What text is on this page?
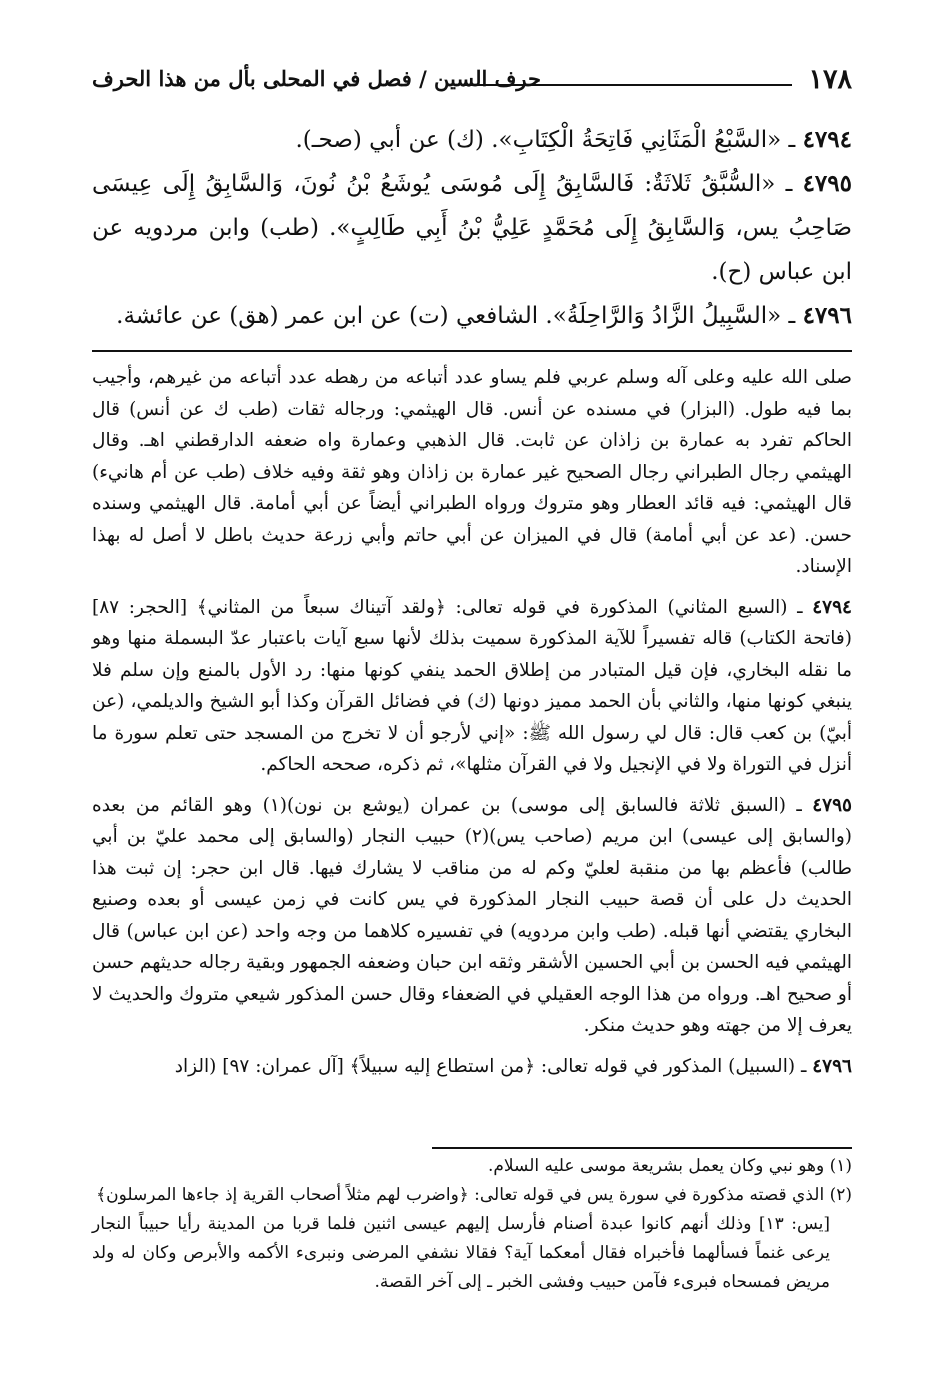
١٧٨
حرف السين / فصل في المحلى بأل من هذا الحرف

٤٧٩٤ ـ «السَّبْعُ الْمَثَانِي فَاتِحَةُ الْكِتَابِ». (ك) عن أبي (صحـ).

٤٧٩٥ ـ «السُّبَّقُ ثَلاثَةٌ: فَالسَّابِقُ إِلَى مُوسَى يُوشَعُ بْنُ نُونَ، وَالسَّابِقُ إِلَى عِيسَى صَاحِبُ يس، وَالسَّابِقُ إِلَى مُحَمَّدٍ عَلِيُّ بْنُ أَبِي طَالِبٍ». (طب) وابن مردويه عن ابن عباس (ح).

٤٧٩٦ ـ «السَّبِيلُ الزَّادُ وَالرَّاحِلَةُ». الشافعي (ت) عن ابن عمر (هق) عن عائشة.

صلى الله عليه وعلى آله وسلم عربي فلم يساو عدد أتباعه من رهطه عدد أتباعه من غيرهم، وأجيب بما فيه طول. (البزار) في مسنده عن أنس. قال الهيثمي: ورجاله ثقات (طب ك عن أنس) قال الحاكم تفرد به عمارة بن زاذان عن ثابت. قال الذهبي وعمارة واه ضعفه الدارقطني اهـ. وقال الهيثمي رجال الطبراني رجال الصحيح غير عمارة بن زاذان وهو ثقة وفيه خلاف (طب عن أم هانيء) قال الهيثمي: فيه قائد العطار وهو متروك ورواه الطبراني أيضاً عن أبي أمامة. قال الهيثمي وسنده حسن. (عد عن أبي أمامة) قال في الميزان عن أبي حاتم وأبي زرعة حديث باطل لا أصل له بهذا الإسناد.

٤٧٩٤ ـ (السبع المثاني) المذكورة في قوله تعالى: ﴿ولقد آتيناك سبعاً من المثاني﴾ [الحجر: ٨٧] (فاتحة الكتاب) قاله تفسيراً للآية المذكورة سميت بذلك لأنها سبع آيات باعتبار عدّ البسملة منها وهو ما نقله البخاري، فإن قيل المتبادر من إطلاق الحمد ينفي كونها منها: رد الأول بالمنع وإن سلم فلا ينبغي كونها منها، والثاني بأن الحمد مميز دونها (ك) في فضائل القرآن وكذا أبو الشيخ والديلمي، (عن أبيّ) بن كعب قال: قال لي رسول الله ﷺ: «إني لأرجو أن لا تخرج من المسجد حتى تعلم سورة ما أنزل في التوراة ولا في الإنجيل ولا في القرآن مثلها»، ثم ذكره، صححه الحاكم.

٤٧٩٥ ـ (السبق ثلاثة فالسابق إلى موسى) بن عمران (يوشع بن نون)(١) وهو القائم من بعده (والسابق إلى عيسى) ابن مريم (صاحب يس)(٢) حبيب النجار (والسابق إلى محمد عليّ بن أبي طالب) فأعظم بها من منقبة لعليّ وكم له من مناقب لا يشارك فيها. قال ابن حجر: إن ثبت هذا الحديث دل على أن قصة حبيب النجار المذكورة في يس كانت في زمن عيسى أو بعده وصنيع البخاري يقتضي أنها قبله. (طب وابن مردويه) في تفسيره كلاهما من وجه واحد (عن ابن عباس) قال الهيثمي فيه الحسن بن أبي الحسين الأشقر وثقه ابن حبان وضعفه الجمهور وبقية رجاله حديثهم حسن أو صحيح اهـ. ورواه من هذا الوجه العقيلي في الضعفاء وقال حسن المذكور شيعي متروك والحديث لا يعرف إلا من جهته وهو حديث منكر.

٤٧٩٦ ـ (السبيل) المذكور في قوله تعالى: ﴿من استطاع إليه سبيلاً﴾ [آل عمران: ٩٧] (الزاد

(١) وهو نبي وكان يعمل بشريعة موسى عليه السلام.

(٢) الذي قصته مذكورة في سورة يس في قوله تعالى: ﴿واضرب لهم مثلاً أصحاب القرية إذ جاءها المرسلون﴾

[يس: ١٣] وذلك أنهم كانوا عبدة أصنام فأرسل إليهم عيسى اثنين فلما قربا من المدينة رأيا حبيباً النجار يرعى غنماً فسألهما فأخبراه فقال أمعكما آية؟ فقالا نشفي المرضى ونبرىء الأكمه والأبرص وكان له ولد مريض فمسحاه فبرىء فآمن حبيب وفشى الخبر ـ إلى آخر القصة.
